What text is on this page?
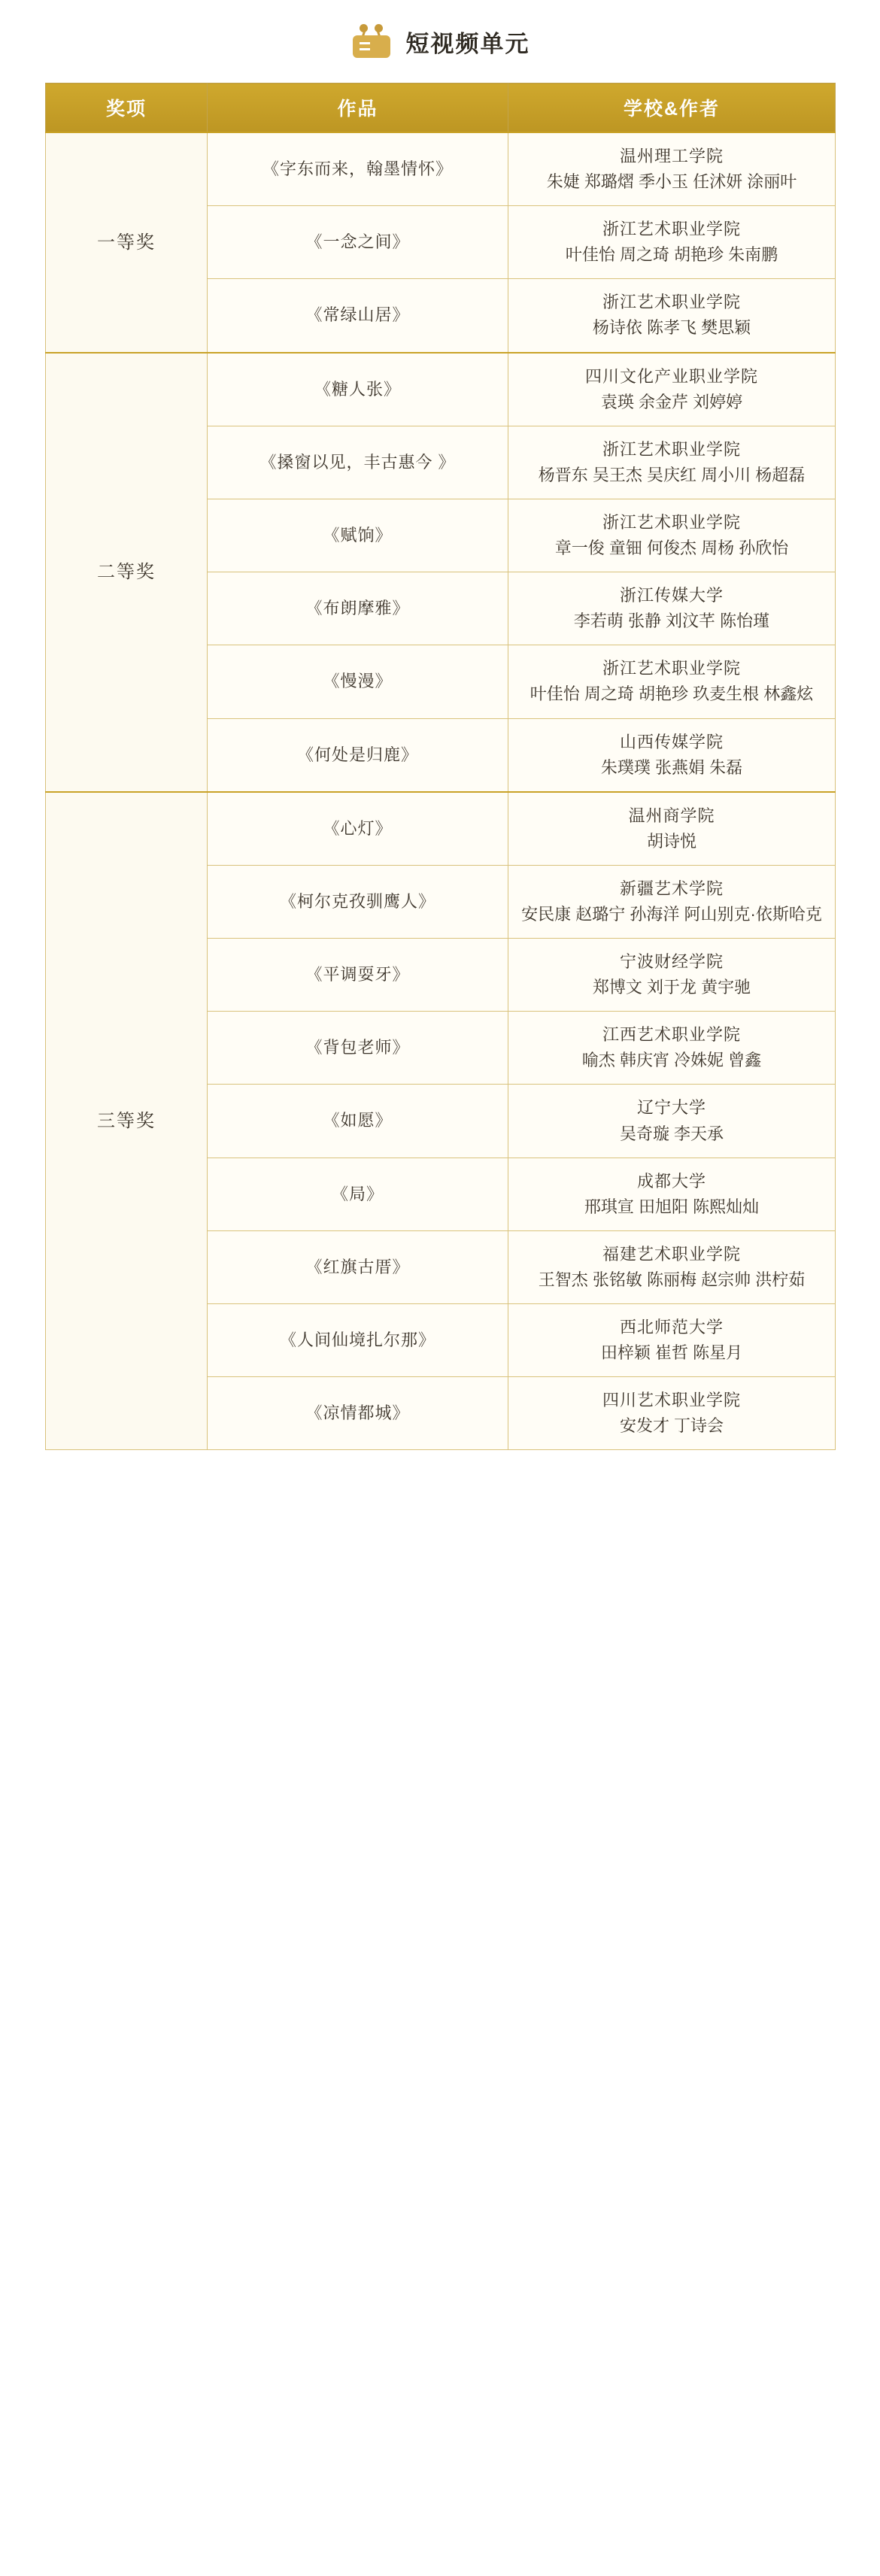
短视频单元
奖项	作品	学校&作者
一等奖	《字东而来，翰墨情怀》	温州理工学院
朱婕 郑璐熠 季小玉 任沭妍 涂丽叶

	《一念之间》	浙江艺术职业学院
叶佳怡 周之琦 胡艳珍 朱南鹏

	《常绿山居》	浙江艺术职业学院
杨诗依 陈孝飞 樊思颖

二等奖	《糖人张》	四川文化产业职业学院
袁瑛 余金芹 刘婷婷

	《搡窗以见，丰古惠今 》	浙江艺术职业学院
杨晋东 吴王杰 吴庆红 周小川 杨超磊

	《赋饷》	浙江艺术职业学院
章一俊 童钿 何俊杰 周杨 孙欣怡

	《布朗摩雅》	浙江传媒大学
李若萌 张静 刘汶芊 陈怡瑾

	《慢漫》	浙江艺术职业学院
叶佳怡 周之琦 胡艳珍 玖麦生根 林鑫炫

	《何处是归鹿》	山西传媒学院
朱璞璞 张燕娟 朱磊

三等奖	《心灯》	温州商学院
胡诗悦

	《柯尔克孜驯鹰人》	新疆艺术学院
安民康 赵璐宁 孙海洋 阿山别克·依斯哈克

	《平调耍牙》	宁波财经学院
郑博文 刘于龙 黄宇驰

	《背包老师》	江西艺术职业学院
喻杰 韩庆宵 冷姝妮 曾鑫

	《如愿》	辽宁大学
吴奇璇 李天承

	《局》	成都大学
邢琪宣 田旭阳 陈熙灿灿

	《红旗古厝》	福建艺术职业学院
王智杰 张铭敏 陈丽梅 赵宗帅 洪柠茹

	《人间仙境扎尔那》	西北师范大学
田梓颖 崔哲 陈星月

	《凉情都城》	四川艺术职业学院
安发才 丁诗会
